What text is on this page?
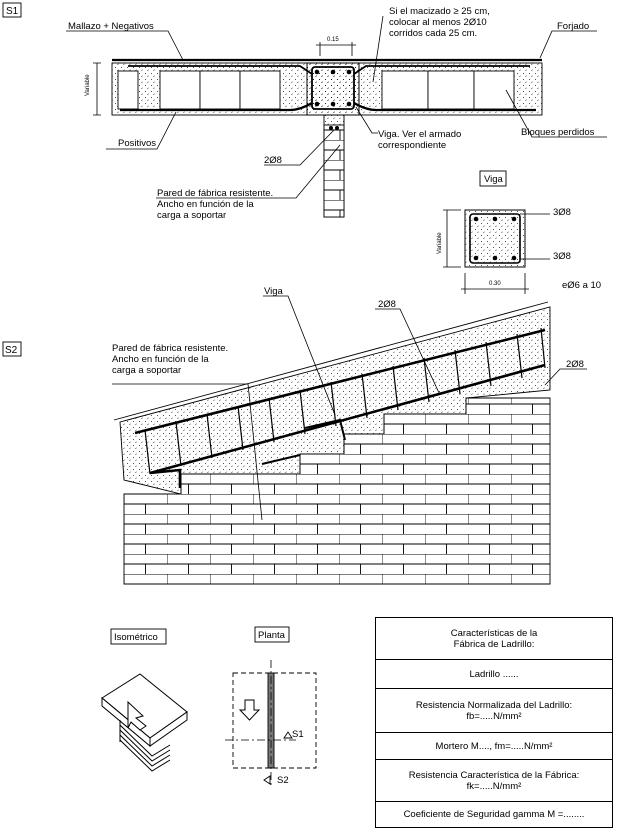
S1
Variable
0.15
Mallazo + Negativos	Forjado
Positivos
Bloques perdidos
2Ø8
Si el macizado ≥ 25 cm, colocar al menos 2Ø10 corridos cada 25 cm.
Viga. Ver el armado correspondiente
Pared de fábrica resistente. Ancho en función de la carga a soportar
Viga
3Ø8
3Ø8
Variable
0.30	eØ6 a 10
S2
Viga
2Ø8
2Ø8
Pared de fábrica resistente. Ancho en función de la carga a soportar
Isométrico	Planta
S1
S2
Características de la
Fábrica de Ladrillo:
Ladrillo ......
Resistencia Normalizada del Ladrillo:
fb=.....N/mm²
Mortero M...., fm=.....N/mm²
Resistencia Característica de la Fábrica:
fk=.....N/mm²
Coeficiente de Seguridad gamma M =........
